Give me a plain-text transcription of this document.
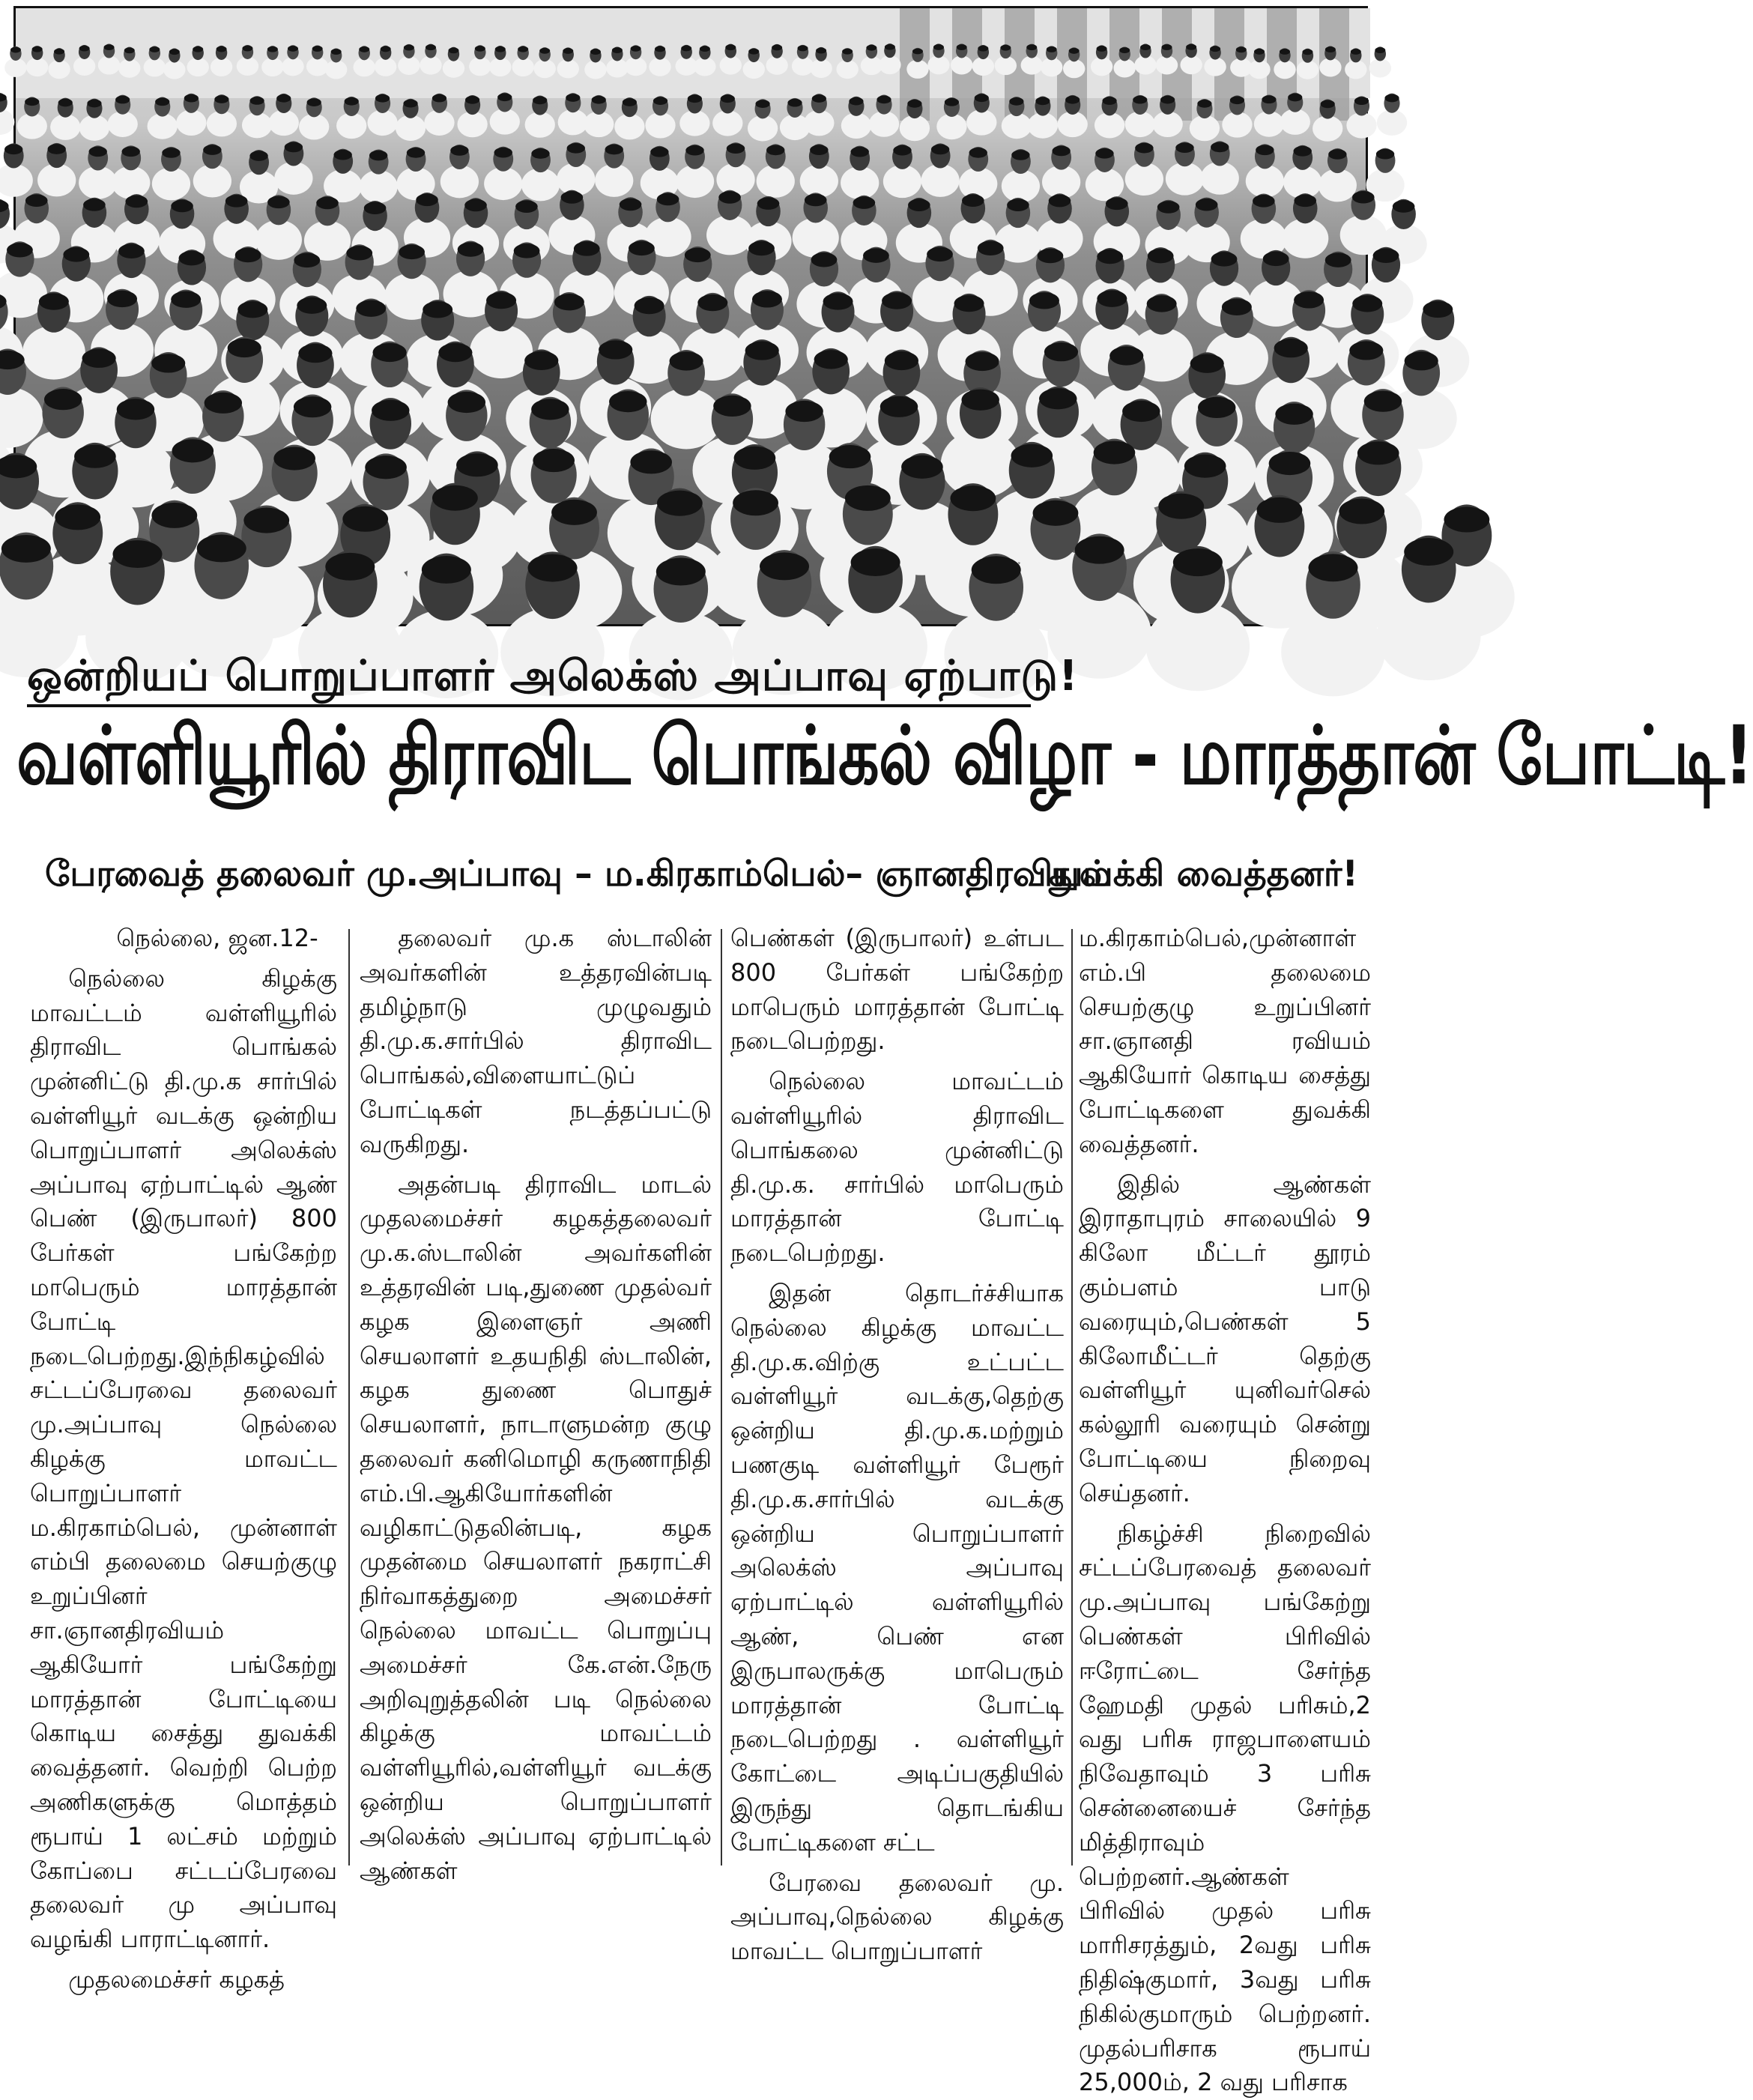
ஒன்றியப் பொறுப்பாளர் அலெக்ஸ் அப்பாவு ஏற்பாடு!
வள்ளியூரில் திராவிட பொங்கல் விழா - மாரத்தான் போட்டி!
பேரவைத் தலைவர் மு.அப்பாவு – ம.கிரகாம்பெல்– ஞானதிரவியம்
துவக்கி வைத்தனர்!

நெல்லை, ஜன.12-

நெல்லை கிழக்கு மாவட்டம் வள்ளியூரில் திராவிட பொங்கல் முன்னிட்டு தி.மு.க சார்பில் வள்ளியூர் வடக்கு ஒன்றிய பொறுப்பாளர் அலெக்ஸ் அப்பாவு ஏற்பாட்டில் ஆண் பெண் (இருபாலர்) 800 பேர்கள் பங்கேற்ற மாபெரும் மாரத்தான் போட்டி நடைபெற்றது.இந்நிகழ்வில் சட்டப்பேரவை தலைவர் மு.அப்பாவு நெல்லை கிழக்கு மாவட்ட பொறுப்பாளர் ம.கிரகாம்பெல், முன்னாள் எம்பி தலைமை செயற்குழு உறுப்பினர் சா.ஞானதிரவியம் ஆகியோர் பங்கேற்று மாரத்தான் போட்டியை கொடிய சைத்து துவக்கி வைத்தனர். வெற்றி பெற்ற அணிகளுக்கு மொத்தம் ரூபாய் 1 லட்சம் மற்றும் கோப்பை சட்டப்பேரவை தலைவர் மு அப்பாவு வழங்கி பாராட்டினார்.

முதலமைச்சர் கழகத்

தலைவர் மு.க ஸ்டாலின் அவர்களின் உத்தரவின்படி தமிழ்நாடு முழுவதும் தி.மு.க.சார்பில் திராவிட பொங்கல்,விளையாட்டுப் போட்டிகள் நடத்தப்பட்டு வருகிறது.

அதன்படி திராவிட மாடல் முதலமைச்சர் கழகத்தலைவர் மு.க.ஸ்டாலின் அவர்களின் உத்தரவின் படி,துணை முதல்வர் கழக இளைஞர் அணி செயலாளர் உதயநிதி ஸ்டாலின், கழக துணை பொதுச் செயலாளர், நாடாளுமன்ற குழு தலைவர் கனிமொழி கருணாநிதி எம்.பி.ஆகியோர்களின் வழிகாட்டுதலின்படி, கழக முதன்மை செயலாளர் நகராட்சி நிர்வாகத்துறை அமைச்சர் நெல்லை மாவட்ட பொறுப்பு அமைச்சர் கே.என்.நேரு அறிவுறுத்தலின் படி நெல்லை கிழக்கு மாவட்டம் வள்ளியூரில்,வள்ளியூர் வடக்கு ஒன்றிய பொறுப்பாளர் அலெக்ஸ் அப்பாவு ஏற்பாட்டில் ஆண்கள்

பெண்கள் (இருபாலர்) உள்பட 800 பேர்கள் பங்கேற்ற மாபெரும் மாரத்தான் போட்டி நடைபெற்றது.

நெல்லை மாவட்டம் வள்ளியூரில் திராவிட பொங்கலை முன்னிட்டு தி.மு.க. சார்பில் மாபெரும் மாரத்தான் போட்டி நடைபெற்றது.

இதன் தொடர்ச்சியாக நெல்லை கிழக்கு மாவட்ட தி.மு.க.விற்கு உட்பட்ட வள்ளியூர் வடக்கு,தெற்கு ஒன்றிய தி.மு.க.மற்றும் பணகுடி வள்ளியூர் பேரூர் தி.மு.க.சார்பில் வடக்கு ஒன்றிய பொறுப்பாளர் அலெக்ஸ் அப்பாவு ஏற்பாட்டில் வள்ளியூரில் ஆண், பெண் என இருபாலருக்கு மாபெரும் மாரத்தான் போட்டி நடைபெற்றது . வள்ளியூர் கோட்டை அடிப்பகுதியில் இருந்து தொடங்கிய போட்டிகளை சட்ட

பேரவை தலைவர் மு. அப்பாவு,நெல்லை கிழக்கு மாவட்ட பொறுப்பாளர்

ம.கிரகாம்பெல்,முன்னாள் எம்.பி தலைமை செயற்குழு உறுப்பினர் சா.ஞானதி ரவியம் ஆகியோர் கொடிய சைத்து போட்டிகளை துவக்கி வைத்தனர்.

இதில் ஆண்கள் இராதாபுரம் சாலையில் 9 கிலோ மீட்டர் தூரம் கும்பளம் பாடு வரையும்,பெண்கள் 5 கிலோமீட்டர் தெற்கு வள்ளியூர் யுனிவர்செல் கல்லூரி வரையும் சென்று போட்டியை நிறைவு செய்தனர்.

நிகழ்ச்சி நிறைவில் சட்டப்பேரவைத் தலைவர் மு.அப்பாவு பங்கேற்று பெண்கள் பிரிவில் ஈரோட்டை சேர்ந்த ஹேமதி முதல் பரிசும்,2 வது பரிசு ராஜபாளையம் நிவேதாவும் 3 பரிசு சென்னையைச் சேர்ந்த மித்திராவும் பெற்றனர்.ஆண்கள் பிரிவில் முதல் பரிசு மாரிசரத்தும், 2வது பரிசு நிதிஷ்குமார், 3வது பரிசு நிகில்குமாரும் பெற்றனர். முதல்பரிசாக ரூபாய் 25,000ம், 2 வது பரிசாக
